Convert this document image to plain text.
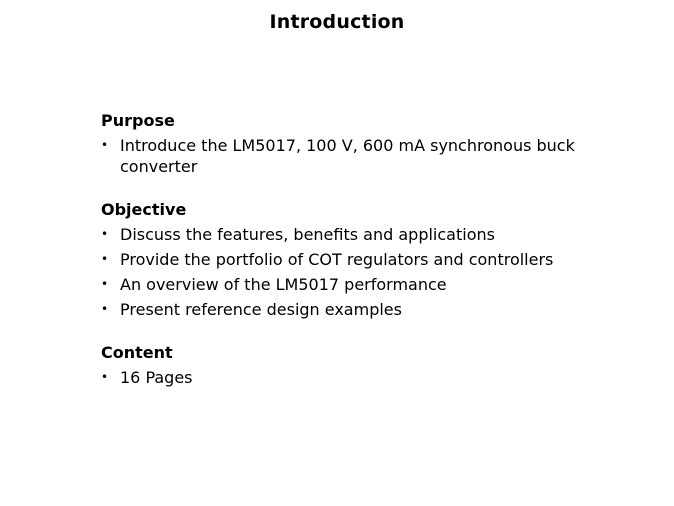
Introduction
Purpose
• Introduce the LM5017, 100 V, 600 mA synchronous buck converter
Objective
• Discuss the features, benefits and applications
• Provide the portfolio of COT regulators and controllers
• An overview of the LM5017 performance
• Present reference design examples
Content
• 16 Pages
